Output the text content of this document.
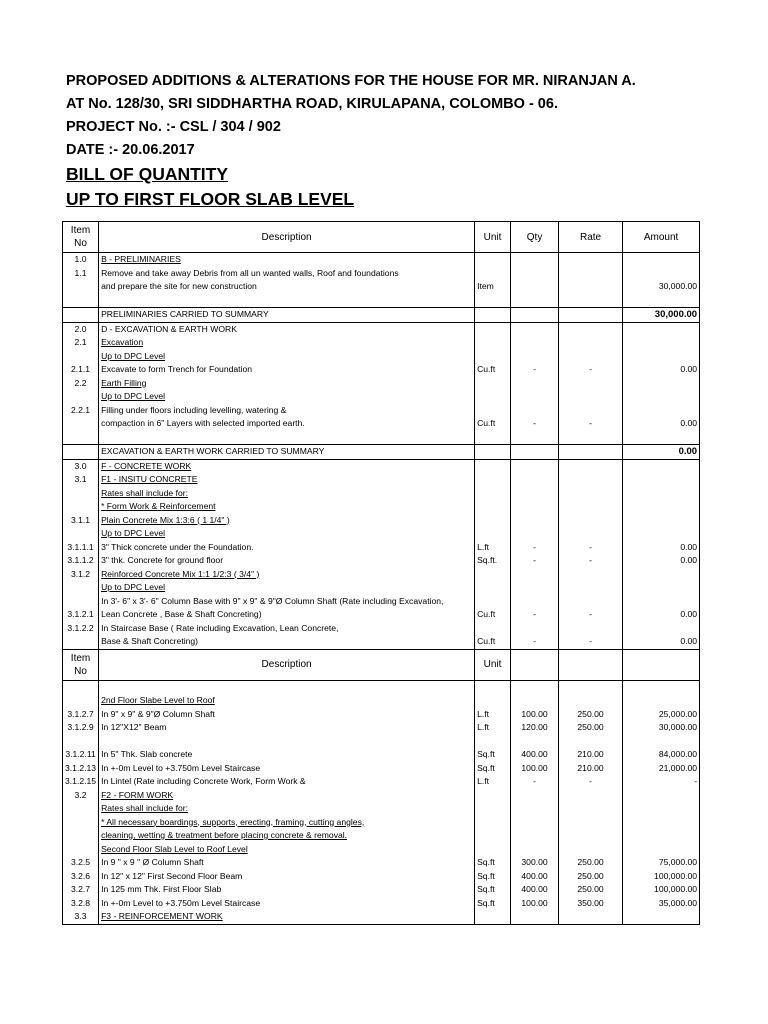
PROPOSED ADDITIONS & ALTERATIONS FOR THE HOUSE FOR MR. NIRANJAN A.
AT No. 128/30, SRI SIDDHARTHA ROAD, KIRULAPANA, COLOMBO - 06.
PROJECT No. :- CSL / 304 / 902
DATE :- 20.06.2017
BILL OF QUANTITY
UP TO FIRST FLOOR SLAB LEVEL
Item No	Description	Unit	Qty	Rate	Amount
1.0	B - PRELIMINARIES				
1.1	Remove and take away Debris from all un wanted walls, Roof and foundations				
	and prepare the site for new construction	Item			30,000.00

	PRELIMINARIES CARRIED TO SUMMARY				30,000.00
2.0	D - EXCAVATION & EARTH WORK				
2.1	Excavation				
	Up to DPC Level				
2.1.1	Excavate to form Trench for Foundation	Cu.ft	-	-	0.00
2.2	Earth Filling				
	Up to DPC Level				
2.2.1	Filling under floors including levelling, watering &				
	compaction in 6" Layers with selected imported earth.	Cu.ft	-	-	0.00

	EXCAVATION & EARTH WORK CARRIED TO SUMMARY				0.00
3.0	F - CONCRETE WORK				
3.1	F1 - INSITU CONCRETE				
	Rates shall include for:				
	* Form Work & Reinforcement				
3.1.1	Plain Concrete Mix 1:3:6 ( 1 1/4" )				
	Up to DPC Level				
3.1.1.1	3" Thick concrete under the Foundation.	L.ft	-	-	0.00
3.1.1.2	3" thk. Concrete for ground floor	Sq.ft.	-	-	0.00
3.1.2	Reinforced Concrete Mix 1:1 1/2:3 ( 3/4" )				
	Up to DPC Level				
	In 3'- 6" x 3'- 6" Column Base with 9" x 9" & 9"Ø Column Shaft (Rate including Excavation,				
3.1.2.1	Lean Concrete , Base & Shaft Concreting)	Cu.ft	-	-	0.00
3.1.2.2	In Staircase Base ( Rate including Excavation, Lean Concrete,				
	Base & Shaft Concreting)	Cu.ft	-	-	0.00
Item No	Description	Unit			

	2nd Floor Slabe Level to Roof				
3.1.2.7	In 9" x 9" & 9"Ø Column Shaft	L.ft	100.00	250.00	25,000.00
3.1.2.9	In 12"X12" Beam	L.ft	120.00	250.00	30,000.00

3.1.2.11	In 5" Thk. Slab concrete	Sq.ft	400.00	210.00	84,000.00
3.1.2.13	In +-0m Level to +3.750m Level Staircase	Sq.ft	100.00	210.00	21,000.00
3.1.2.15	In Lintel (Rate including Concrete Work, Form Work &	L.ft	-	-	-
3.2	F2 - FORM WORK				
	Rates shall include for:				
	* All necessary boardings, supports, erecting, framing, cutting angles,				
	cleaning, wetting & treatment before placing concrete & removal.				
	Second Floor Slab Level to Roof Level				
3.2.5	In 9 " x 9 " Ø Column Shaft	Sq.ft	300.00	250.00	75,000.00
3.2.6	In 12" x 12" First Second Floor Beam	Sq.ft	400.00	250.00	100,000.00
3.2.7	In 125 mm Thk. First Floor Slab	Sq.ft	400.00	250.00	100,000.00
3.2.8	In +-0m Level to +3.750m Level Staircase	Sq.ft	100.00	350.00	35,000.00
3.3	F3 - REINFORCEMENT WORK				
